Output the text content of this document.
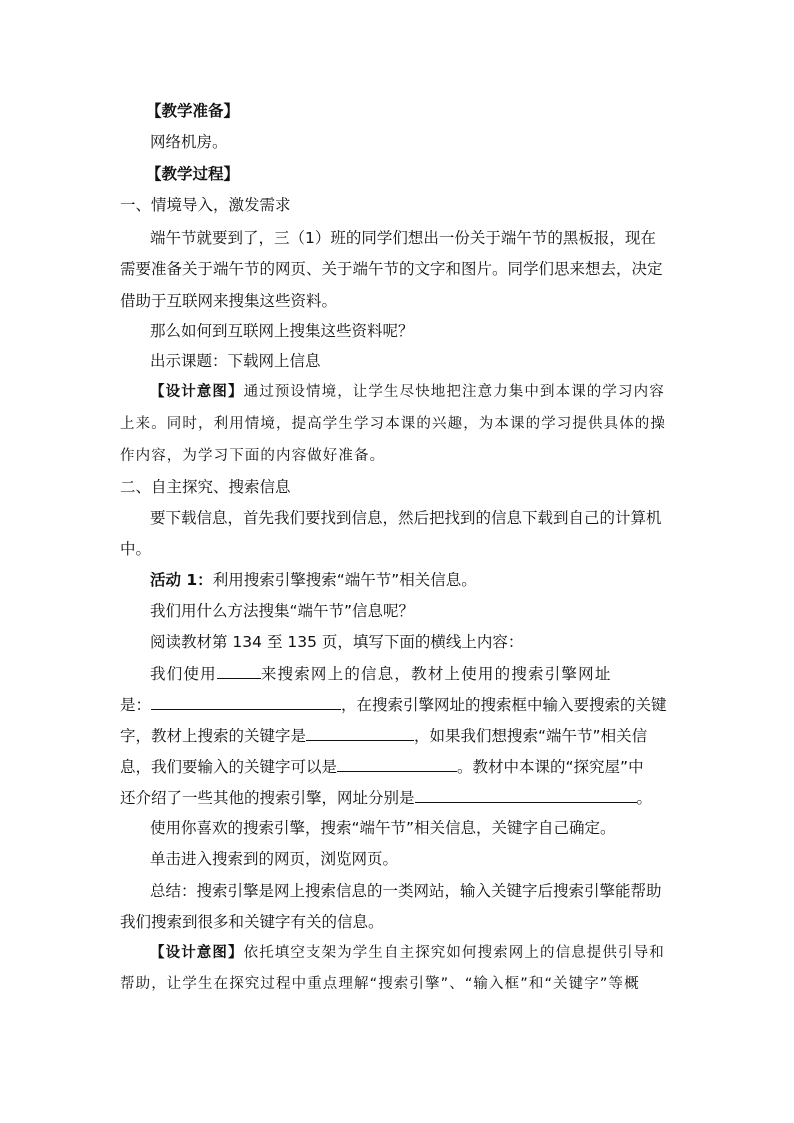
【教学准备】
网络机房。
【教学过程】
一、情境导入，激发需求
端午节就要到了，三（1）班的同学们想出一份关于端午节的黑板报，现在
需要准备关于端午节的网页、关于端午节的文字和图片。同学们思来想去，决定
借助于互联网来搜集这些资料。
那么如何到互联网上搜集这些资料呢？
出示课题：下载网上信息
【设计意图】通过预设情境，让学生尽快地把注意力集中到本课的学习内容
上来。同时，利用情境，提高学生学习本课的兴趣，为本课的学习提供具体的操
作内容，为学习下面的内容做好准备。
二、自主探究、搜索信息
要下载信息，首先我们要找到信息，然后把找到的信息下载到自己的计算机
中。
活动 1：利用搜索引擎搜索“端午节”相关信息。
我们用什么方法搜集“端午节”信息呢？
阅读教材第 134 至 135 页，填写下面的横线上内容：
我们使用	来搜索网上的信息，教材上使用的搜索引擎网址
是：	，在搜索引擎网址的搜索框中输入要搜索的关键
字，教材上搜索的关键字是	，如果我们想搜索“端午节”相关信
息，我们要输入的关键字可以是	。教材中本课的“探究屋”中
还介绍了一些其他的搜索引擎，网址分别是	。
使用你喜欢的搜索引擎，搜索“端午节”相关信息，关键字自己确定。
单击进入搜索到的网页，浏览网页。
总结：搜索引擎是网上搜索信息的一类网站，输入关键字后搜索引擎能帮助
我们搜索到很多和关键字有关的信息。
【设计意图】依托填空支架为学生自主探究如何搜索网上的信息提供引导和
帮助，让学生在探究过程中重点理解“搜索引擎”、“输入框”和“关键字”等概
